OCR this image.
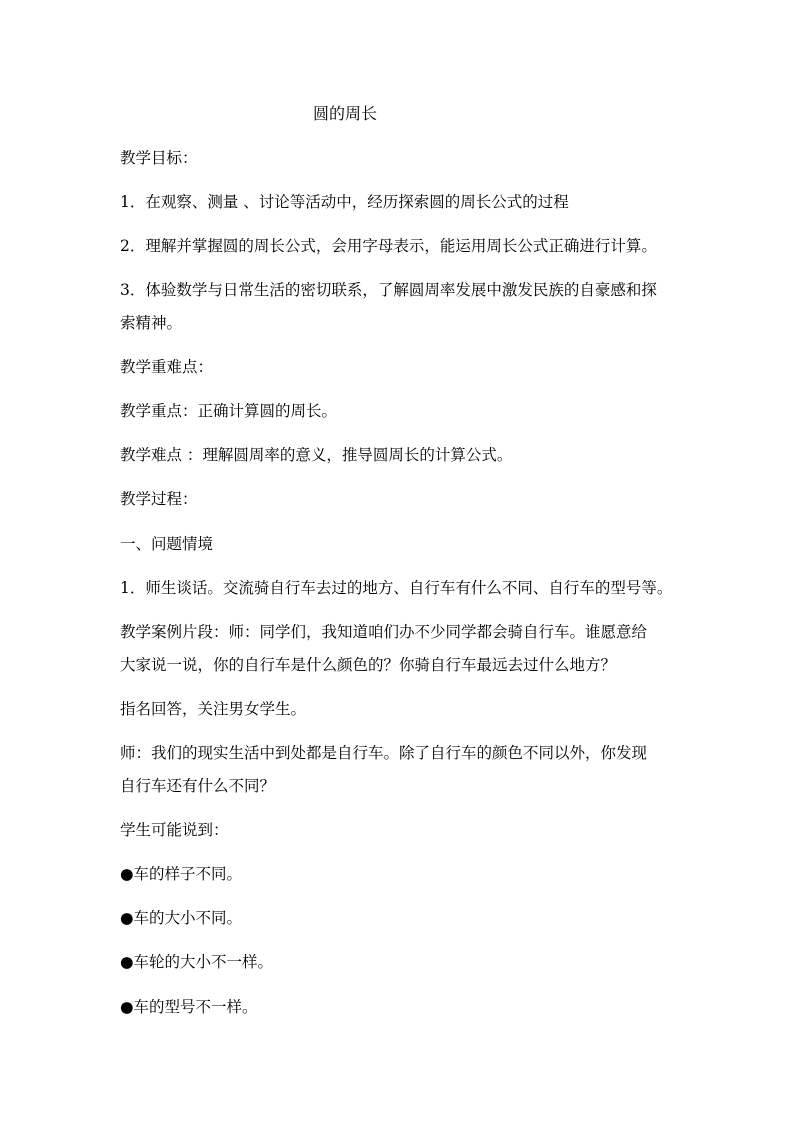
圆的周长
教学目标：
1．在观察、测量 、讨论等活动中，经历探索圆的周长公式的过程
2．理解并掌握圆的周长公式，会用字母表示，能运用周长公式正确进行计算。
3．体验数学与日常生活的密切联系，了解圆周率发展中激发民族的自豪感和探
索精神。
教学重难点：
教学重点：正确计算圆的周长。
教学难点 ：理解圆周率的意义，推导圆周长的计算公式。
教学过程：
一、问题情境
1．师生谈话。交流骑自行车去过的地方、自行车有什么不同、自行车的型号等。
教学案例片段：师：同学们，我知道咱们办不少同学都会骑自行车。谁愿意给
大家说一说，你的自行车是什么颜色的？你骑自行车最远去过什么地方？
指名回答，关注男女学生。
师：我们的现实生活中到处都是自行车。除了自行车的颜色不同以外，你发现
自行车还有什么不同？
学生可能说到：
●车的样子不同。
●车的大小不同。
●车轮的大小不一样。
●车的型号不一样。
